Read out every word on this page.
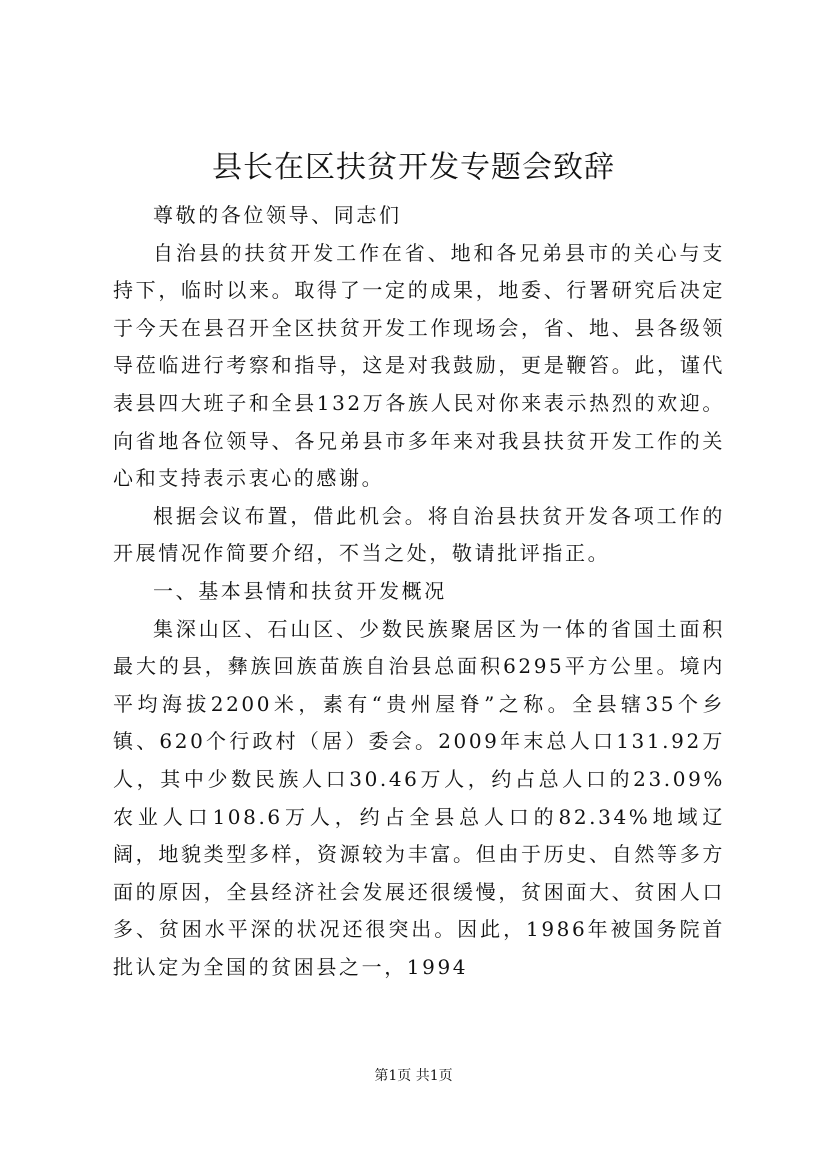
县长在区扶贫开发专题会致辞

尊敬的各位领导、同志们

自治县的扶贫开发工作在省、地和各兄弟县市的关心与支持下，临时以来。取得了一定的成果，地委、行署研究后决定于今天在县召开全区扶贫开发工作现场会，省、地、县各级领导莅临进行考察和指导，这是对我鼓励，更是鞭笞。此，谨代表县四大班子和全县132万各族人民对你来表示热烈的欢迎。向省地各位领导、各兄弟县市多年来对我县扶贫开发工作的关心和支持表示衷心的感谢。

根据会议布置，借此机会。将自治县扶贫开发各项工作的开展情况作简要介绍，不当之处，敬请批评指正。

一、基本县情和扶贫开发概况

集深山区、石山区、少数民族聚居区为一体的省国土面积最大的县，彝族回族苗族自治县总面积6295平方公里。境内平均海拔2200米，素有“贵州屋脊”之称。全县辖35个乡镇、620个行政村（居）委会。2009年末总人口131.92万人，其中少数民族人口30.46万人，约占总人口的23.09%农业人口108.6万人，约占全县总人口的82.34%地域辽阔，地貌类型多样，资源较为丰富。但由于历史、自然等多方面的原因，全县经济社会发展还很缓慢，贫困面大、贫困人口多、贫困水平深的状况还很突出。因此，1986年被国务院首批认定为全国的贫困县之一，1994

第1页 共1页
